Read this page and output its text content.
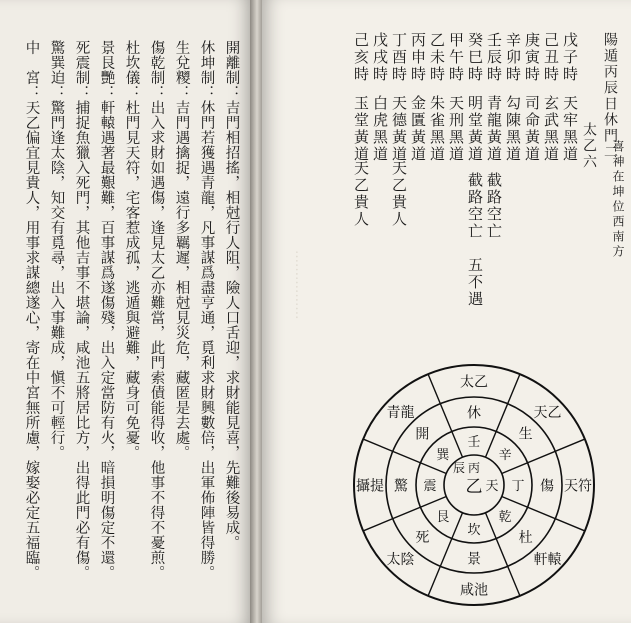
開離制：吉門相招搖，相尅行人阻，險人口舌迎，求財能見喜，先難後易成。
休坤制：休門若獲遇青龍，凡事謀爲盡亨通，覓利求財興數倍，出軍佈陣皆得勝。
生兌糭：吉門遇擒捉，遠行多羈遲，相尅見災危，藏匿是去處。
傷乾制：出入求財如遇傷，逢見太乙亦難當，此門索債能得收，他事不得不憂煎。
杜坎儀：杜門見天符，宅客惹成孤，逃遁與避難，藏身可免憂。
景艮艷：軒轅遇著最艱難，百事謀爲遂傷殘，出入定當防有火，暗損明傷定不還。
死震制：捕捉魚獵入死門，其他吉事不堪論，咸池五將居比方，出得此門必有傷。
驚巽迫：驚門逢太陰，知交有覓尋，出入事難成，愼不可輕行。
中　宮：天乙偏宜見貴人，用事求謀總遂心，寄在中宮無所慮，嫁娶必定五福臨。	‥‥‥‥‥‥‥‥
陽遁丙辰日休門二
太乙六
戊子時
天牢黑道
己丑時
玄武黑道
庚寅時
司命黃道
辛卯時
勾陳黑道
壬辰時
青龍黃道
截路空亡
癸巳時
明堂黃道
截路空亡　五不遇
甲午時
天刑黑道
乙未時
朱雀黑道
丙申時
金匱黃道
丁酉時
天德黃道
天乙貴人
戊戌時
白虎黑道
己亥時
玉堂黃道
天乙貴人	喜神在坤位西南方
壬
休
太乙
辛
生
天乙
丁 傷 天符
乾
杜
軒轅
坎
景
咸池
艮
死
太陰
震
驚
攝提
巽
開
青龍
乙
丙
辰
天
